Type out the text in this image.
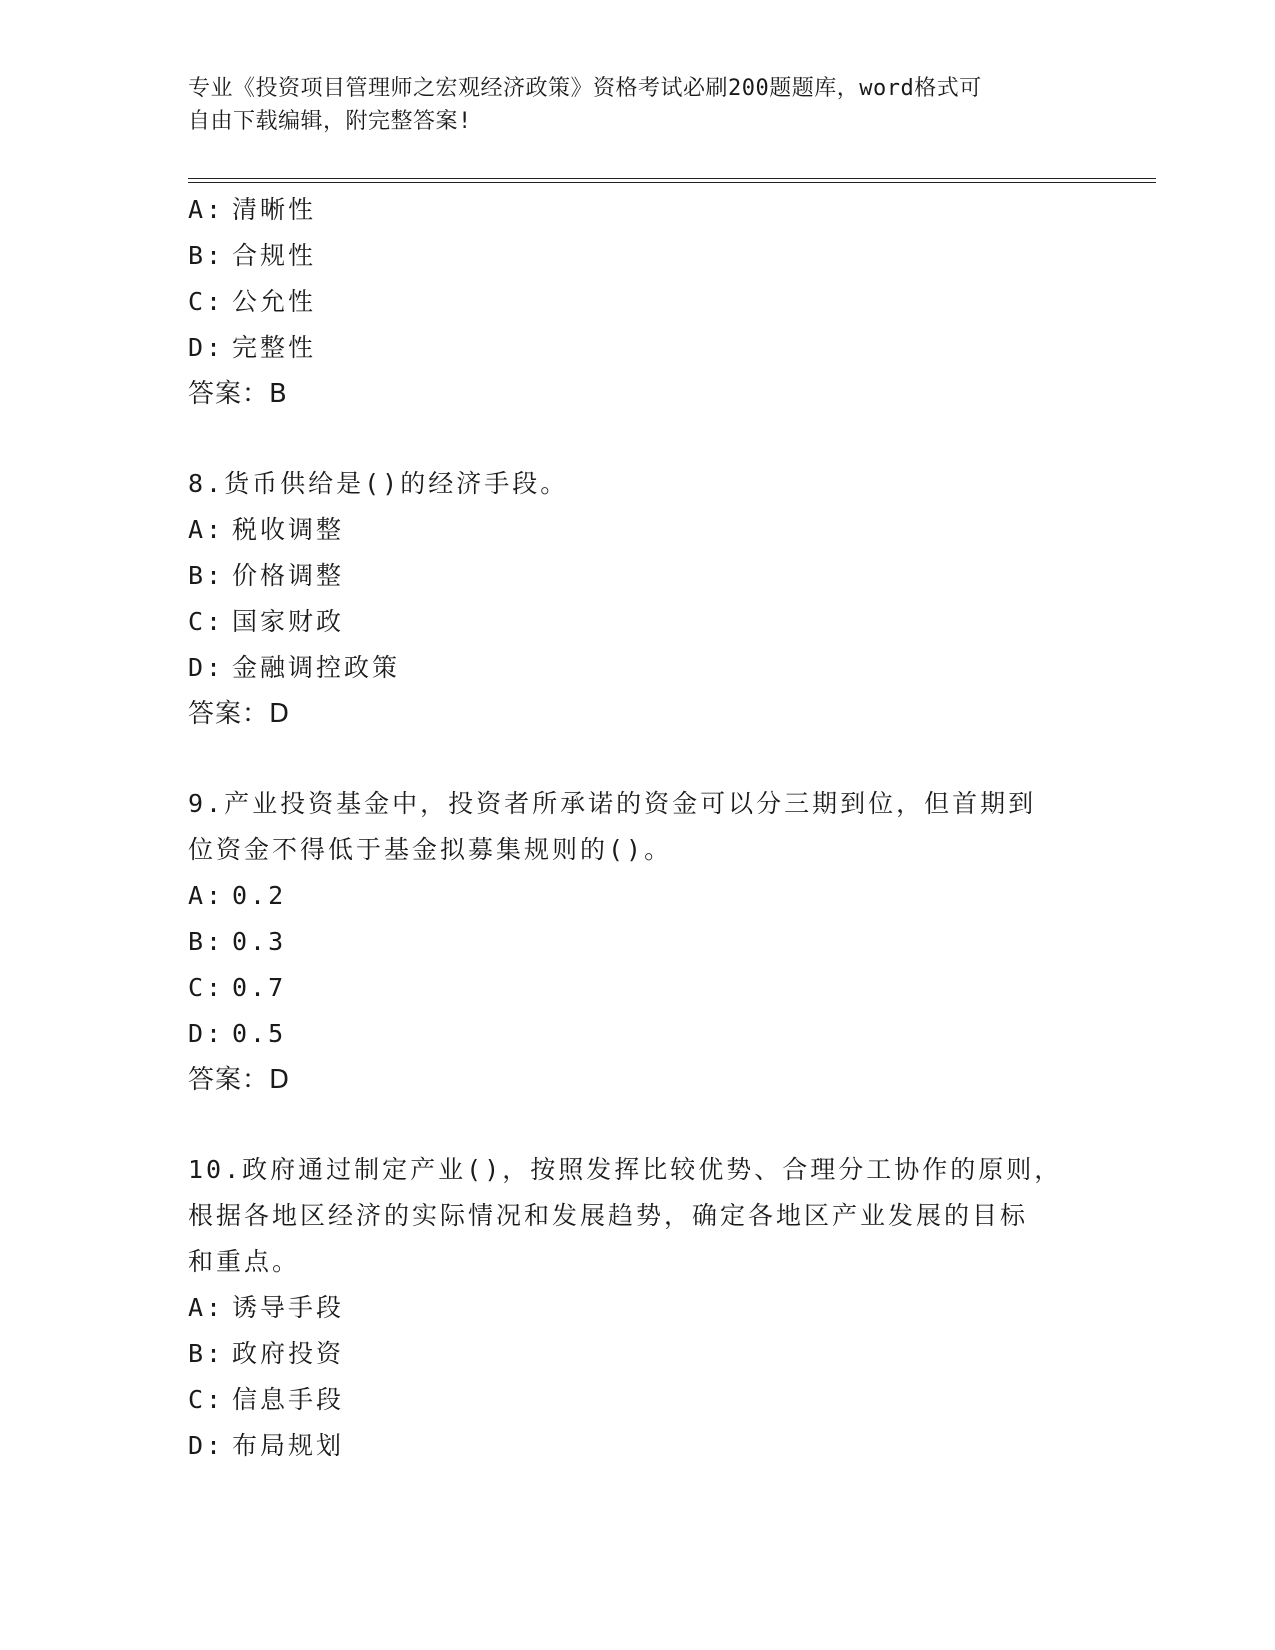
专业《投资项目管理师之宏观经济政策》资格考试必刷200题题库，word格式可
自由下载编辑，附完整答案!
A: 清晰性
B: 合规性
C: 公允性
D: 完整性
答案：B
8.货币供给是()的经济手段。
A: 税收调整
B: 价格调整
C: 国家财政
D: 金融调控政策
答案：D
9.产业投资基金中，投资者所承诺的资金可以分三期到位，但首期到
位资金不得低于基金拟募集规则的()。
A: 0.2
B: 0.3
C: 0.7
D: 0.5
答案：D
10.政府通过制定产业()，按照发挥比较优势、合理分工协作的原则，
根据各地区经济的实际情况和发展趋势，确定各地区产业发展的目标
和重点。
A: 诱导手段
B: 政府投资
C: 信息手段
D: 布局规划
